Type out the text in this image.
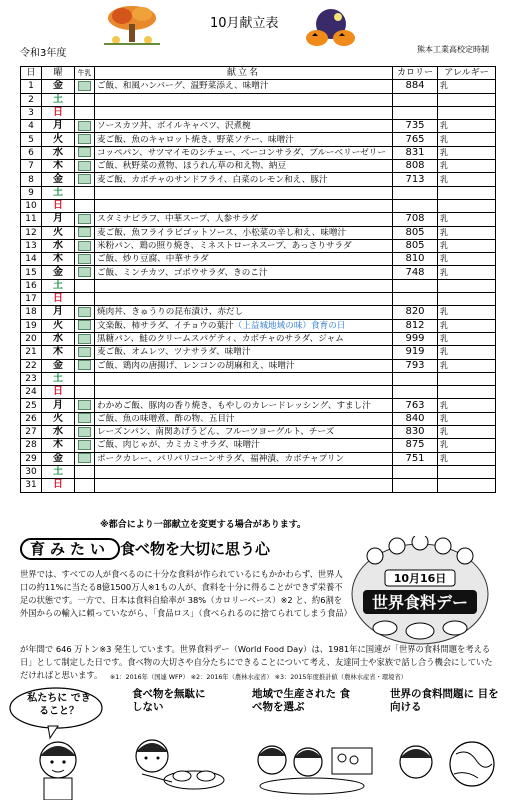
10月献立表
令和3年度	熊本工業高校定時制
日	曜	牛乳	献立名	カロリー	アレルギー
1	金		ご飯、和風ハンバーグ、温野菜添え、味噌汁	884	乳
2	土				
3	日				
4	月		ソースカツ丼、ボイルキャベツ、沢煮椀	735	乳
5	火		麦ご飯、魚のキャロット焼き、野菜ソテー、味噌汁	765	乳
6	水		コッペパン、サツマイモのシチュー、ベーコンサラダ、ブルーベリーゼリー	831	乳
7	木		ご飯、秋野菜の煮物、ほうれん草の和え物、納豆	808	乳
8	金		麦ご飯、カボチャのサンドフライ、白菜のレモン和え、豚汁	713	乳
9	土				
10	日				
11	月		スタミナピラフ、中華スープ、人参サラダ	708	乳
12	火		麦ご飯、魚フライラビゴットソース、小松菜の辛し和え、味噌汁	805	乳
13	水		米粉パン、鶏の照り焼き、ミネストローネスープ、あっさりサラダ	805	乳
14	木		ご飯、炒り豆腐、中華サラダ	810	乳
15	金		ご飯、ミンチカツ、ゴボウサラダ、きのこ汁	748	乳
16	土				
17	日				
18	月		焼肉丼、きゅうりの昆布漬け、赤だし	820	乳
19	火		文楽飯、柿サラダ、イチョウの葉汁（上益城地域の味）食育の日	812	乳
20	水		黒糖パン、鮭のクリームスパゲティ、カボチャのサラダ、ジャム	999	乳
21	木		麦ご飯、オムレツ、ツナサラダ、味噌汁	919	乳
22	金		ご飯、鶏肉の唐揚げ、レンコンの胡麻和え、味噌汁	793	乳
23	土				
24	日				
25	月		わかめご飯、豚肉の香り焼き、もやしのカレードレッシング、すまし汁	763	乳
26	火		ご飯、魚の味噌煮、酢の物、五目汁	840	乳
27	水		レーズンパン、南関あげうどん、フルーツヨーグルト、チーズ	830	乳
28	木		ご飯、肉じゃが、カミカミサラダ、味噌汁	875	乳
29	金		ポークカレー、パリパリコーンサラダ、福神漬、カボチャプリン	751	乳
30	土				
31	日				
※都合により一部献立を変更する場合があります。
育みたい 食べ物を大切に思う心
10月16日
世界食料デー
世界では、すべての人が食べるのに十分な食料が作られているにもかかわらず、世界人口の約11%に当たる8億1500万人※1もの人が、食料を十分に得ることができず栄養不足の状態です。一方で、日本は食料自給率が 38%（カロリーベース）※2 と、約6割を外国からの輸入に頼っていながら、「食品ロス」（食べられるのに捨てられてしまう食品）
が年間で 646 万トン※3 発生しています。世界食料デー（World Food Day）は、1981年に国連が「世界の食料問題を考える日」として制定した日です。食べ物の大切さや自分たちにできることについて考え、友達同士や家族で話し合う機会にしていただければと思います。	※1：2016年（国連 WFP） ※2：2016年（農林水産省） ※3：2015年度推計値（農林水産省・環境省）
私たちに できること？
食べ物を無駄に しない
地域で生産された 食べ物を選ぶ
世界の食料問題に 目を向ける
